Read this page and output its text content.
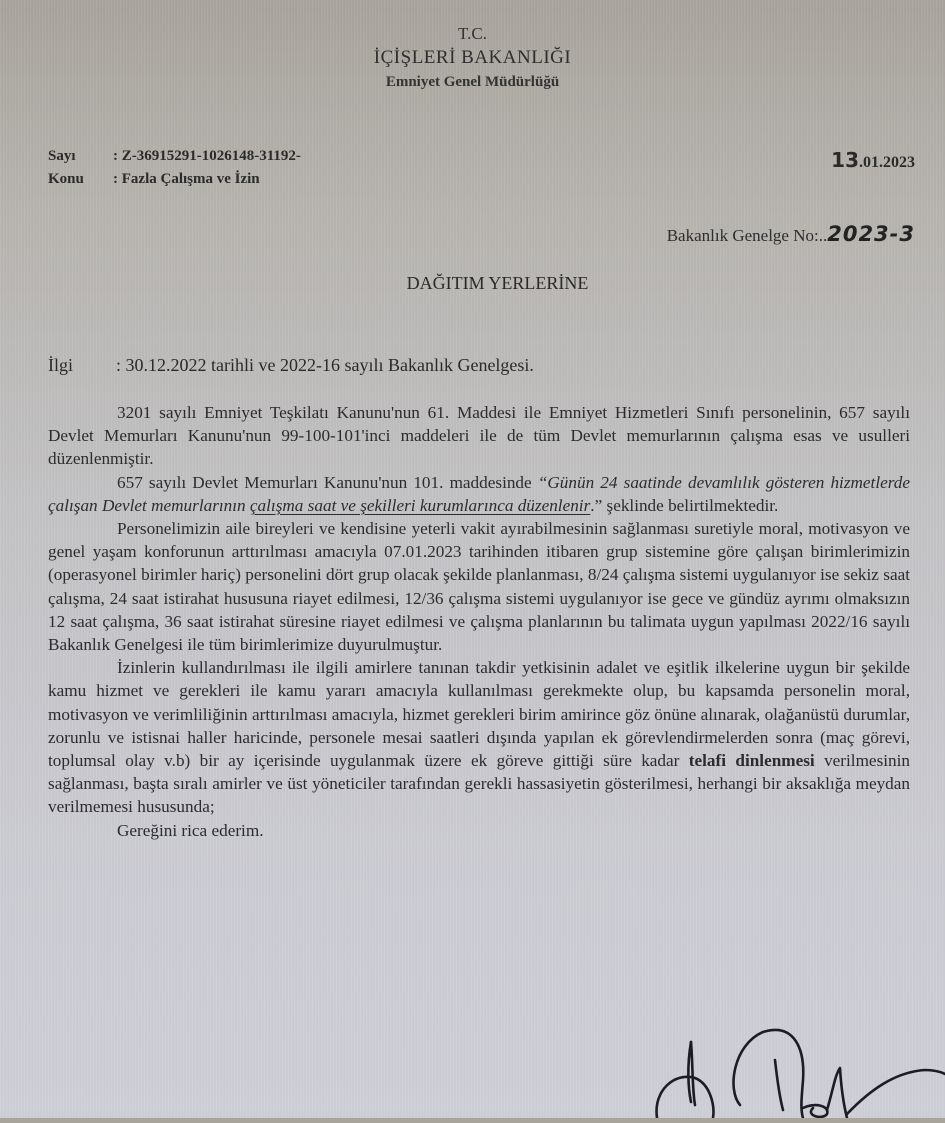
T.C.
İÇİŞLERİ BAKANLIĞI
Emniyet Genel Müdürlüğü
Sayı : Z-36915291-1026148-31192-
Konu : Fazla Çalışma ve İzin
13.01.2023
Bakanlık Genelge No:..2023-3
DAĞITIM YERLERİNE
İlgi : 30.12.2022 tarihli ve 2022-16 sayılı Bakanlık Genelgesi.

3201 sayılı Emniyet Teşkilatı Kanunu'nun 61. Maddesi ile Emniyet Hizmetleri Sınıfı personelinin, 657 sayılı Devlet Memurları Kanunu'nun 99-100-101'inci maddeleri ile de tüm Devlet memurlarının çalışma esas ve usulleri düzenlenmiştir.

657 sayılı Devlet Memurları Kanunu'nun 101. maddesinde “Günün 24 saatinde devamlılık gösteren hizmetlerde çalışan Devlet memurlarının çalışma saat ve şekilleri kurumlarınca düzenlenir.” şeklinde belirtilmektedir.

Personelimizin aile bireyleri ve kendisine yeterli vakit ayırabilmesinin sağlanması suretiyle moral, motivasyon ve genel yaşam konforunun arttırılması amacıyla 07.01.2023 tarihinden itibaren grup sistemine göre çalışan birimlerimizin (operasyonel birimler hariç) personelini dört grup olacak şekilde planlanması, 8/24 çalışma sistemi uygulanıyor ise sekiz saat çalışma, 24 saat istirahat hususuna riayet edilmesi, 12/36 çalışma sistemi uygulanıyor ise gece ve gündüz ayrımı olmaksızın 12 saat çalışma, 36 saat istirahat süresine riayet edilmesi ve çalışma planlarının bu talimata uygun yapılması 2022/16 sayılı Bakanlık Genelgesi ile tüm birimlerimize duyurulmuştur.

İzinlerin kullandırılması ile ilgili amirlere tanınan takdir yetkisinin adalet ve eşitlik ilkelerine uygun bir şekilde kamu hizmet ve gerekleri ile kamu yararı amacıyla kullanılması gerekmekte olup, bu kapsamda personelin moral, motivasyon ve verimliliğinin arttırılması amacıyla, hizmet gerekleri birim amirince göz önüne alınarak, olağanüstü durumlar, zorunlu ve istisnai haller haricinde, personele mesai saatleri dışında yapılan ek görevlendirmelerden sonra (maç görevi, toplumsal olay v.b) bir ay içerisinde uygulanmak üzere ek göreve gittiği süre kadar telafi dinlenmesi verilmesinin sağlanması, başta sıralı amirler ve üst yöneticiler tarafından gerekli hassasiyetin gösterilmesi, herhangi bir aksaklığa meydan verilmemesi hususunda;

Gereğini rica ederim.
